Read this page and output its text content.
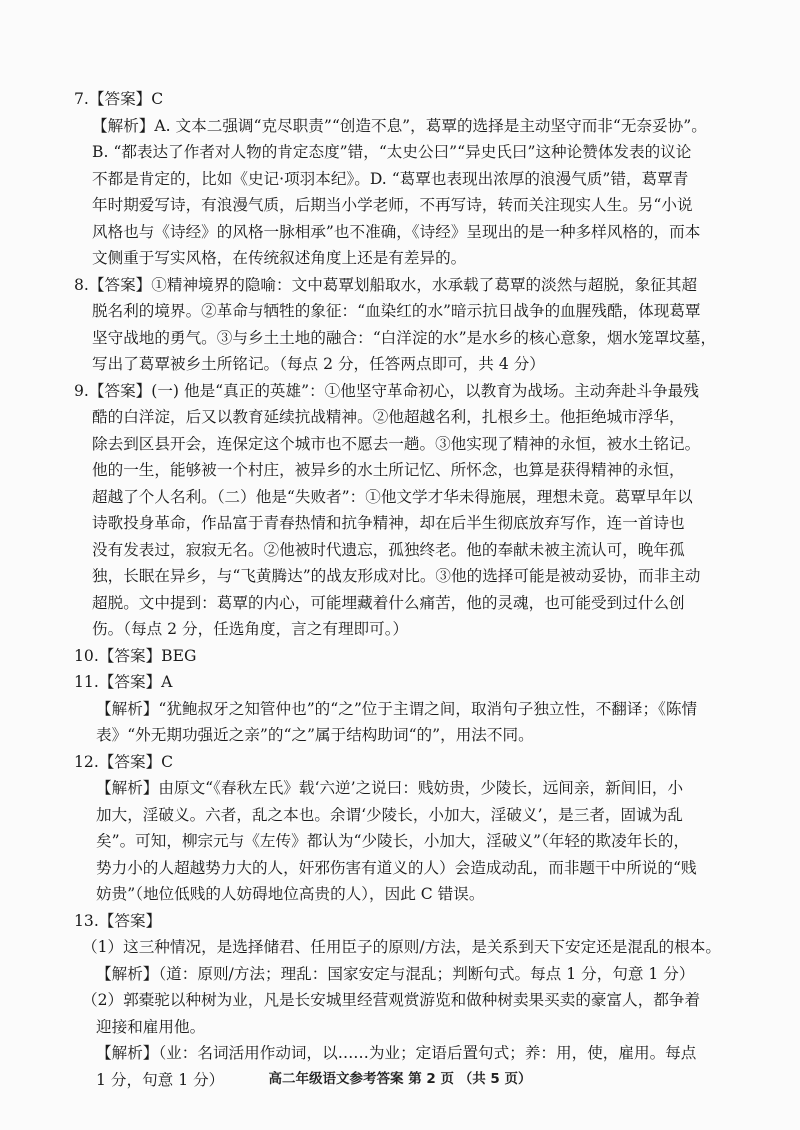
7.【答案】C
【解析】A. 文本二强调“克尽职责”“创造不息”，葛覃的选择是主动坚守而非“无奈妥协”。
B. “都表达了作者对人物的肯定态度”错，“太史公曰”“异史氏曰”这种论赞体发表的议论
不都是肯定的，比如《史记·项羽本纪》。D. “葛覃也表现出浓厚的浪漫气质”错，葛覃青
年时期爱写诗，有浪漫气质，后期当小学老师，不再写诗，转而关注现实人生。另“小说
风格也与《诗经》的风格一脉相承”也不准确，《诗经》呈现出的是一种多样风格的，而本
文侧重于写实风格，在传统叙述角度上还是有差异的。
8.【答案】①精神境界的隐喻：文中葛覃划船取水，水承载了葛覃的淡然与超脱，象征其超
脱名利的境界。②革命与牺牲的象征：“血染红的水”暗示抗日战争的血腥残酷，体现葛覃
坚守战地的勇气。③与乡土土地的融合：“白洋淀的水”是水乡的核心意象，烟水笼罩坟墓，
写出了葛覃被乡土所铭记。（每点 2 分，任答两点即可，共 4 分）
9.【答案】(一) 他是“真正的英雄”：①他坚守革命初心，以教育为战场。主动奔赴斗争最残
酷的白洋淀，后又以教育延续抗战精神。②他超越名利，扎根乡土。他拒绝城市浮华，
除去到区县开会，连保定这个城市也不愿去一趟。③他实现了精神的永恒，被水土铭记。
他的一生，能够被一个村庄，被异乡的水土所记忆、所怀念，也算是获得精神的永恒，
超越了个人名利。（二）他是“失败者”：①他文学才华未得施展，理想未竟。葛覃早年以
诗歌投身革命，作品富于青春热情和抗争精神，却在后半生彻底放弃写作，连一首诗也
没有发表过，寂寂无名。②他被时代遗忘，孤独终老。他的奉献未被主流认可，晚年孤
独，长眠在异乡，与“飞黄腾达”的战友形成对比。③他的选择可能是被动妥协，而非主动
超脱。文中提到：葛覃的内心，可能埋藏着什么痛苦，他的灵魂，也可能受到过什么创
伤。（每点 2 分，任选角度，言之有理即可。）
10.【答案】BEG
11.【答案】A
【解析】“犹鲍叔牙之知管仲也”的“之”位于主谓之间，取消句子独立性，不翻译；《陈情
表》“外无期功强近之亲”的“之”属于结构助词“的”，用法不同。
12.【答案】C
【解析】由原文“《春秋左氏》载‘六逆’之说曰：贱妨贵，少陵长，远间亲，新间旧，小
加大，淫破义。六者，乱之本也。余谓‘少陵长，小加大，淫破义’，是三者，固诚为乱
矣”。可知，柳宗元与《左传》都认为“少陵长，小加大，淫破义”（年轻的欺凌年长的，
势力小的人超越势力大的人，奸邪伤害有道义的人）会造成动乱，而非题干中所说的“贱
妨贵”（地位低贱的人妨碍地位高贵的人），因此 C 错误。
13.【答案】
（1）这三种情况，是选择储君、任用臣子的原则/方法，是关系到天下安定还是混乱的根本。
【解析】（道：原则/方法；理乱：国家安定与混乱；判断句式。每点 1 分，句意 1 分）
（2）郭橐驼以种树为业，凡是长安城里经营观赏游览和做种树卖果买卖的豪富人，都争着
迎接和雇用他。
【解析】（业：名词活用作动词，以……为业；定语后置句式；养：用，使，雇用。每点
1 分，句意 1 分）	高二年级语文参考答案 第 2 页 （共 5 页）
